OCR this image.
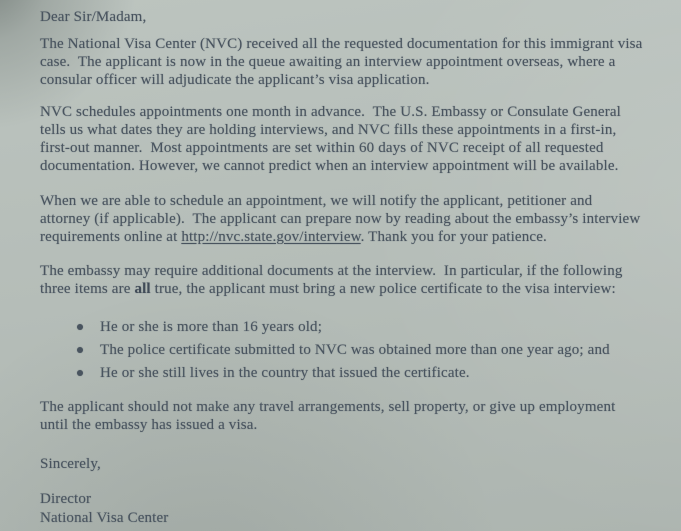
Dear Sir/Madam,
The National Visa Center (NVC) received all the requested documentation for this immigrant visa
case.  The applicant is now in the queue awaiting an interview appointment overseas, where a
consular officer will adjudicate the applicant’s visa application.
NVC schedules appointments one month in advance.  The U.S. Embassy or Consulate General
tells us what dates they are holding interviews, and NVC fills these appointments in a first-in,
first-out manner.  Most appointments are set within 60 days of NVC receipt of all requested
documentation. However, we cannot predict when an interview appointment will be available.
When we are able to schedule an appointment, we will notify the applicant, petitioner and
attorney (if applicable).  The applicant can prepare now by reading about the embassy’s interview
requirements online at http://nvc.state.gov/interview. Thank you for your patience.
The embassy may require additional documents at the interview.  In particular, if the following
three items are all true, the applicant must bring a new police certificate to the visa interview:
He or she is more than 16 years old;
The police certificate submitted to NVC was obtained more than one year ago; and
He or she still lives in the country that issued the certificate.
The applicant should not make any travel arrangements, sell property, or give up employment
until the embassy has issued a visa.
Sincerely,
Director
National Visa Center
